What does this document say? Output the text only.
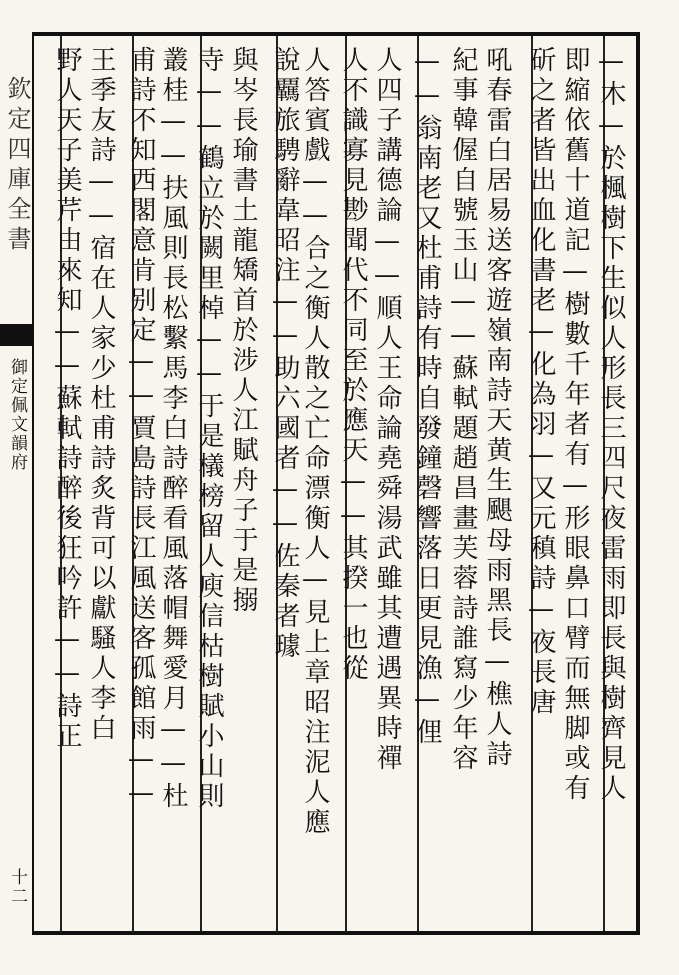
欽定四庫全書
御定佩文韻府
十二
—木—於楓樹下生似人形長三四尺夜雷雨即長與樹齊見人
即縮依舊十道記—樹數千年者有—形眼鼻口臂而無脚或有
斫之者皆出血化書老—化為羽—又元稹詩—夜長唐
吼春雷白居易送客遊嶺南詩天黄生颶母雨黑長—樵人詩
紀事韓偓自號玉山——蘇軾題趙昌畫芙蓉詩誰寫少年容
——翁南老又杜甫詩有時自發鐘磬響落日更見漁—俚
人四子講德論——順人王命論堯舜湯武雖其遭遇異時禪
人不識寡見尠聞代不同至於應天——其揆一也從
人答賓戲——合之衡人散之亡命漂衡人—見上章昭注泥人應
說覊旅騁辭韋昭注——助六國者——佐秦者璩
與岑長瑜書土龍矯首於涉人江賦舟子于是搦
寺——鶴立於闕里棹——于是檥榜留人庾信枯樹賦小山則
叢桂——扶風則長松繫馬李白詩醉看風落帽舞愛月——杜
甫詩不知西閣意肯别定——賈島詩長江風送客孤館雨——
王季友詩——宿在人家少杜甫詩炙背可以獻騷人李白
野人天子美芹由來知——蘇軾詩醉後狂吟許——詩正
